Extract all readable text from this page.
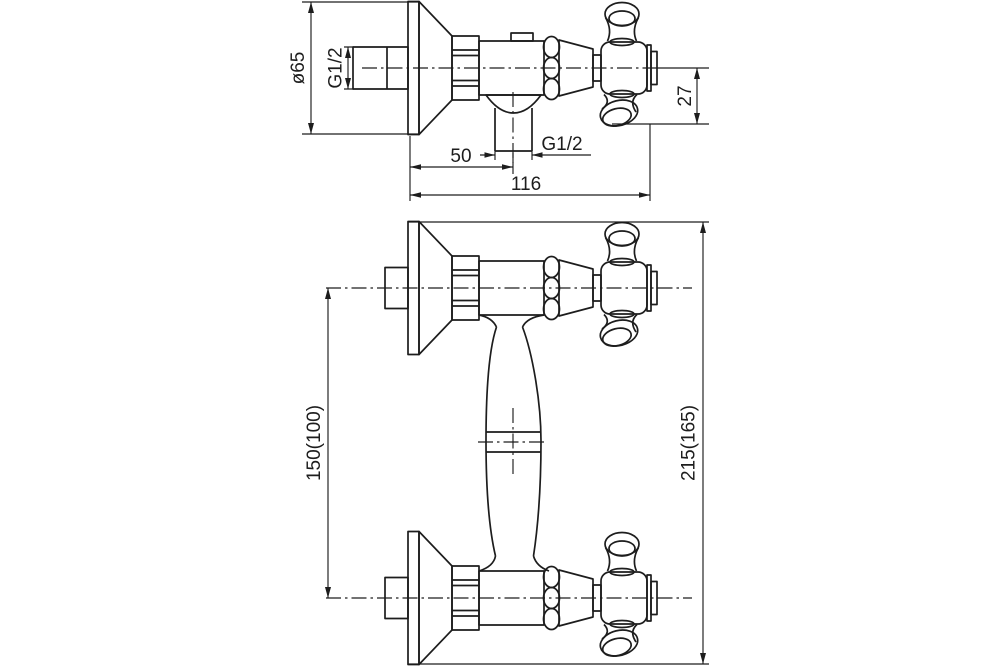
ø65 G1/2
27
50
G1/2
116
150(100)	215(165)
